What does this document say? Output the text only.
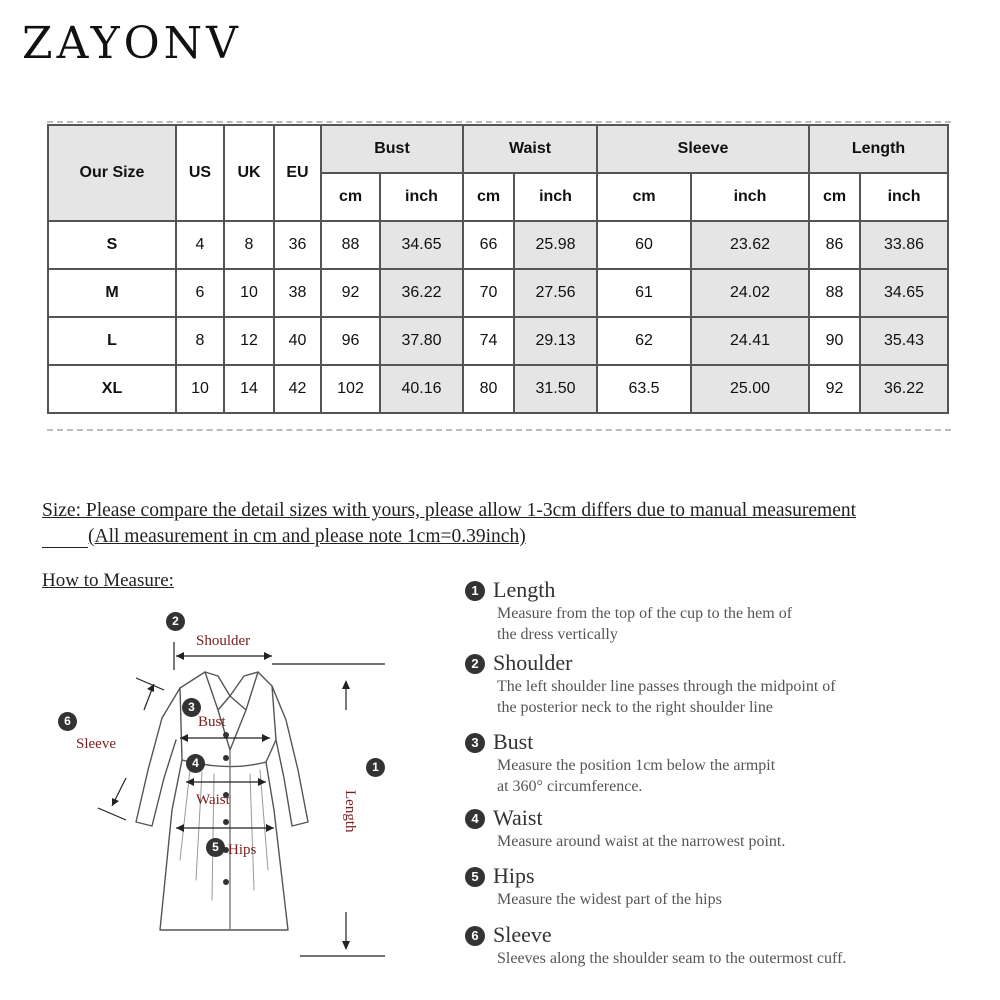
ZAYONV
Our Size	US	UK	EU	Bust		Waist		Sleeve		Length	
				cm	inch	cm	inch	cm	inch	cm	inch
S	4	8	36	88	34.65	66	25.98	60	23.62	86	33.86
M	6	10	38	92	36.22	70	27.56	61	24.02	88	34.65
L	8	12	40	96	37.80	74	29.13	62	24.41	90	35.43
XL	10	14	42	102	40.16	80	31.50	63.5	25.00	92	36.22
Size: Please compare the detail sizes with yours, please allow 1-3cm differs due to manual measurement
(All measurement in cm and please note 1cm=0.39inch)
How to Measure:
2
Shoulder
3
Bust
4
Waist
5 Hips
6
Sleeve
1
Length
1 Length
Measure from the top of the cup to the hem of
the dress vertically
2 Shoulder
The left shoulder line passes through the midpoint of
the posterior neck to the right shoulder line
3 Bust
Measure the position 1cm below the armpit
at 360° circumference.
4 Waist
Measure around waist at the narrowest point.
5 Hips
Measure the widest part of the hips
6 Sleeve
Sleeves along the shoulder seam to the outermost cuff.
